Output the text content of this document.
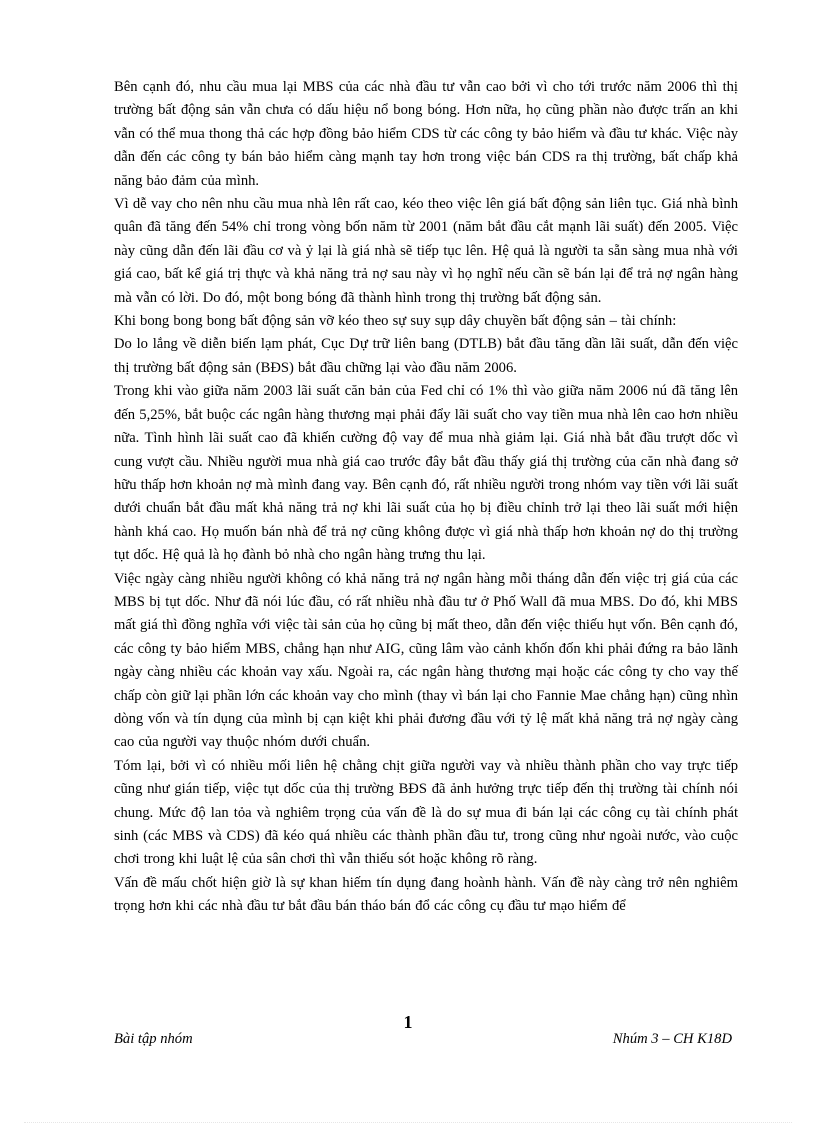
Bên cạnh đó, nhu cầu mua lại MBS của các nhà đầu tư vẫn cao bởi vì cho tới trước năm 2006 thì thị trường bất động sản vẫn chưa có dấu hiệu nổ bong bóng. Hơn nữa, họ cũng phần nào được trấn an khi vẫn có thể mua thong thả các hợp đồng bảo hiểm CDS từ các công ty bảo hiểm và đầu tư khác. Việc này dẫn đến các công ty bán bảo hiểm càng mạnh tay hơn trong việc bán CDS ra thị trường, bất chấp khả năng bảo đảm của mình.

Vì dễ vay cho nên nhu cầu mua nhà lên rất cao, kéo theo việc lên giá bất động sản liên tục. Giá nhà bình quân đã tăng đến 54% chỉ trong vòng bốn năm từ 2001 (năm bắt đầu cắt mạnh lãi suất) đến 2005. Việc này cũng dẫn đến lãi đầu cơ và ỷ lại là giá nhà sẽ tiếp tục lên. Hệ quả là người ta sẵn sàng mua nhà với giá cao, bất kể giá trị thực và khả năng trả nợ sau này vì họ nghĩ nếu cần sẽ bán lại để trả nợ ngân hàng mà vẫn có lời. Do đó, một bong bóng đã thành hình trong thị trường bất động sản.

Khi bong bong bong bất động sản vỡ kéo theo sự suy sụp dây chuyền bất động sản – tài chính:

Do lo lắng về diễn biến lạm phát, Cục Dự trữ liên bang (DTLB) bắt đầu tăng dần lãi suất, dẫn đến việc thị trường bất động sản (BĐS) bắt đầu chững lại vào đầu năm 2006.

Trong khi vào giữa năm 2003 lãi suất căn bản của Fed chỉ có 1% thì vào giữa năm 2006 nú đã tăng lên đến 5,25%, bắt buộc các ngân hàng thương mại phải đẩy lãi suất cho vay tiền mua nhà lên cao hơn nhiều nữa. Tình hình lãi suất cao đã khiến cường độ vay để mua nhà giảm lại. Giá nhà bắt đầu trượt dốc vì cung vượt cầu. Nhiều người mua nhà giá cao trước đây bắt đầu thấy giá thị trường của căn nhà đang sở hữu thấp hơn khoản nợ mà mình đang vay. Bên cạnh đó, rất nhiều người trong nhóm vay tiền với lãi suất dưới chuẩn bắt đầu mất khả năng trả nợ khi lãi suất của họ bị điều chỉnh trở lại theo lãi suất mới hiện hành khá cao. Họ muốn bán nhà để trả nợ cũng không được vì giá nhà thấp hơn khoản nợ do thị trường tụt dốc. Hệ quả là họ đành bỏ nhà cho ngân hàng trưng thu lại.

Việc ngày càng nhiều người không có khả năng trả nợ ngân hàng mỗi tháng dẫn đến việc trị giá của các MBS bị tụt dốc. Như đã nói lúc đầu, có rất nhiều nhà đầu tư ở Phố Wall đã mua MBS. Do đó, khi MBS mất giá thì đồng nghĩa với việc tài sản của họ cũng bị mất theo, dẫn đến việc thiếu hụt vốn. Bên cạnh đó, các công ty bảo hiểm MBS, chẳng hạn như AIG, cũng lâm vào cảnh khốn đốn khi phải đứng ra bảo lãnh ngày càng nhiều các khoản vay xấu. Ngoài ra, các ngân hàng thương mại hoặc các công ty cho vay thế chấp còn giữ lại phần lớn các khoản vay cho mình (thay vì bán lại cho Fannie Mae chẳng hạn) cũng nhìn dòng vốn và tín dụng của mình bị cạn kiệt khi phải đương đầu với tỷ lệ mất khả năng trả nợ ngày càng cao của người vay thuộc nhóm dưới chuẩn.

Tóm lại, bởi vì có nhiều mối liên hệ chằng chịt giữa người vay và nhiều thành phần cho vay trực tiếp cũng như gián tiếp, việc tụt dốc của thị trường BĐS đã ảnh hưởng trực tiếp đến thị trường tài chính nói chung. Mức độ lan tỏa và nghiêm trọng của vấn đề là do sự mua đi bán lại các công cụ tài chính phát sinh (các MBS và CDS) đã kéo quá nhiều các thành phần đầu tư, trong cũng như ngoài nước, vào cuộc chơi trong khi luật lệ của sân chơi thì vẫn thiếu sót hoặc không rõ ràng.

Vấn đề mấu chốt hiện giờ là sự khan hiếm tín dụng đang hoành hành. Vấn đề này càng trở nên nghiêm trọng hơn khi các nhà đầu tư bắt đầu bán tháo bán đổ các công cụ đầu tư mạo hiểm để

1
Bài tập nhóm	Nhúm 3 – CH K18D
